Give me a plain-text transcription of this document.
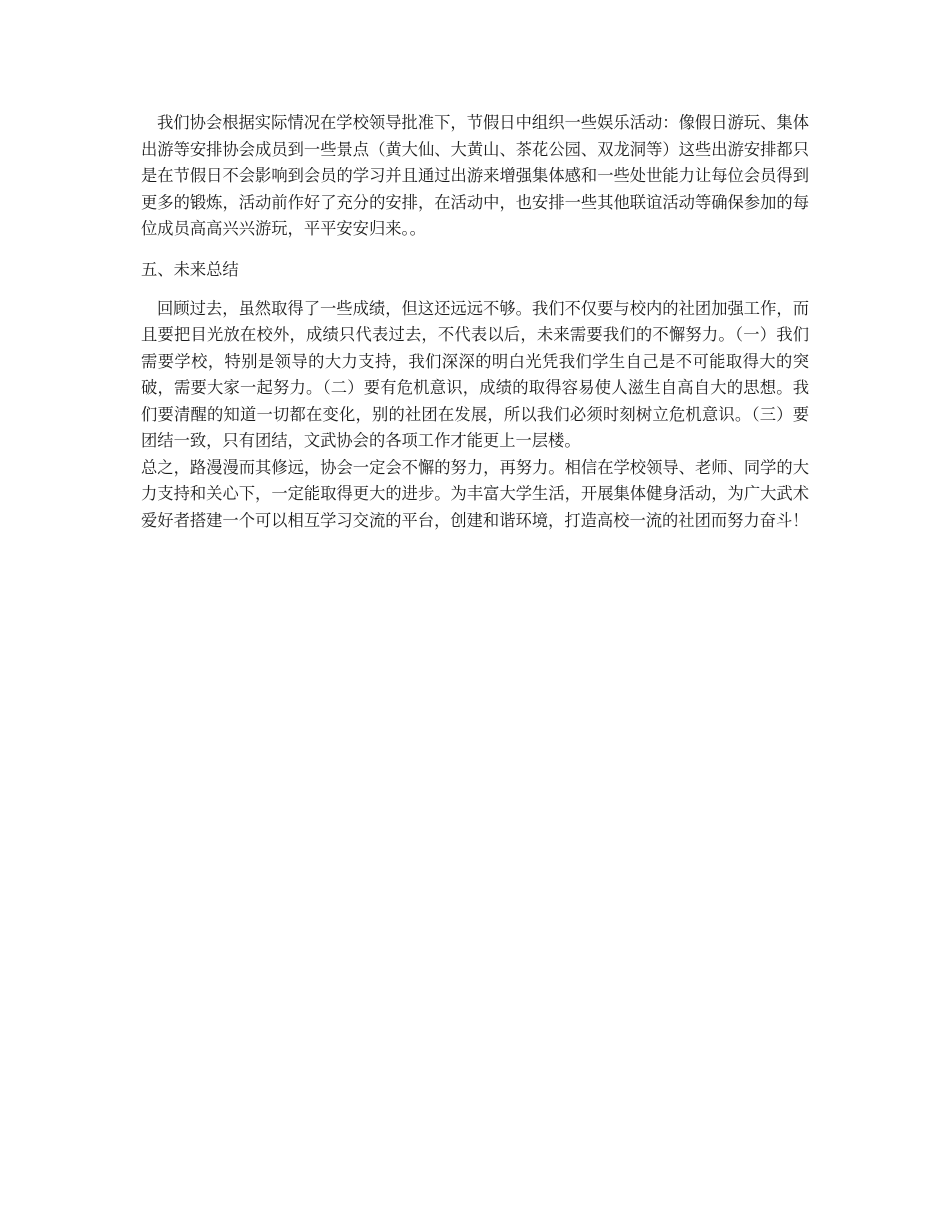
我们协会根据实际情况在学校领导批准下，节假日中组织一些娱乐活动：像假日游玩、集体出游等安排协会成员到一些景点（黄大仙、大黄山、茶花公园、双龙洞等）这些出游安排都只是在节假日不会影响到会员的学习并且通过出游来增强集体感和一些处世能力让每位会员得到更多的锻炼，活动前作好了充分的安排，在活动中，也安排一些其他联谊活动等确保参加的每位成员高高兴兴游玩，平平安安归来。。

五、未来总结

回顾过去，虽然取得了一些成绩，但这还远远不够。我们不仅要与校内的社团加强工作，而且要把目光放在校外，成绩只代表过去，不代表以后，未来需要我们的不懈努力。（一）我们需要学校，特别是领导的大力支持，我们深深的明白光凭我们学生自己是不可能取得大的突破，需要大家一起努力。（二）要有危机意识，成绩的取得容易使人滋生自高自大的思想。我们要清醒的知道一切都在变化，别的社团在发展，所以我们必须时刻树立危机意识。（三）要团结一致，只有团结，文武协会的各项工作才能更上一层楼。

总之，路漫漫而其修远，协会一定会不懈的努力，再努力。相信在学校领导、老师、同学的大力支持和关心下，一定能取得更大的进步。为丰富大学生活，开展集体健身活动，为广大武术爱好者搭建一个可以相互学习交流的平台，创建和谐环境，打造高校一流的社团而努力奋斗！
